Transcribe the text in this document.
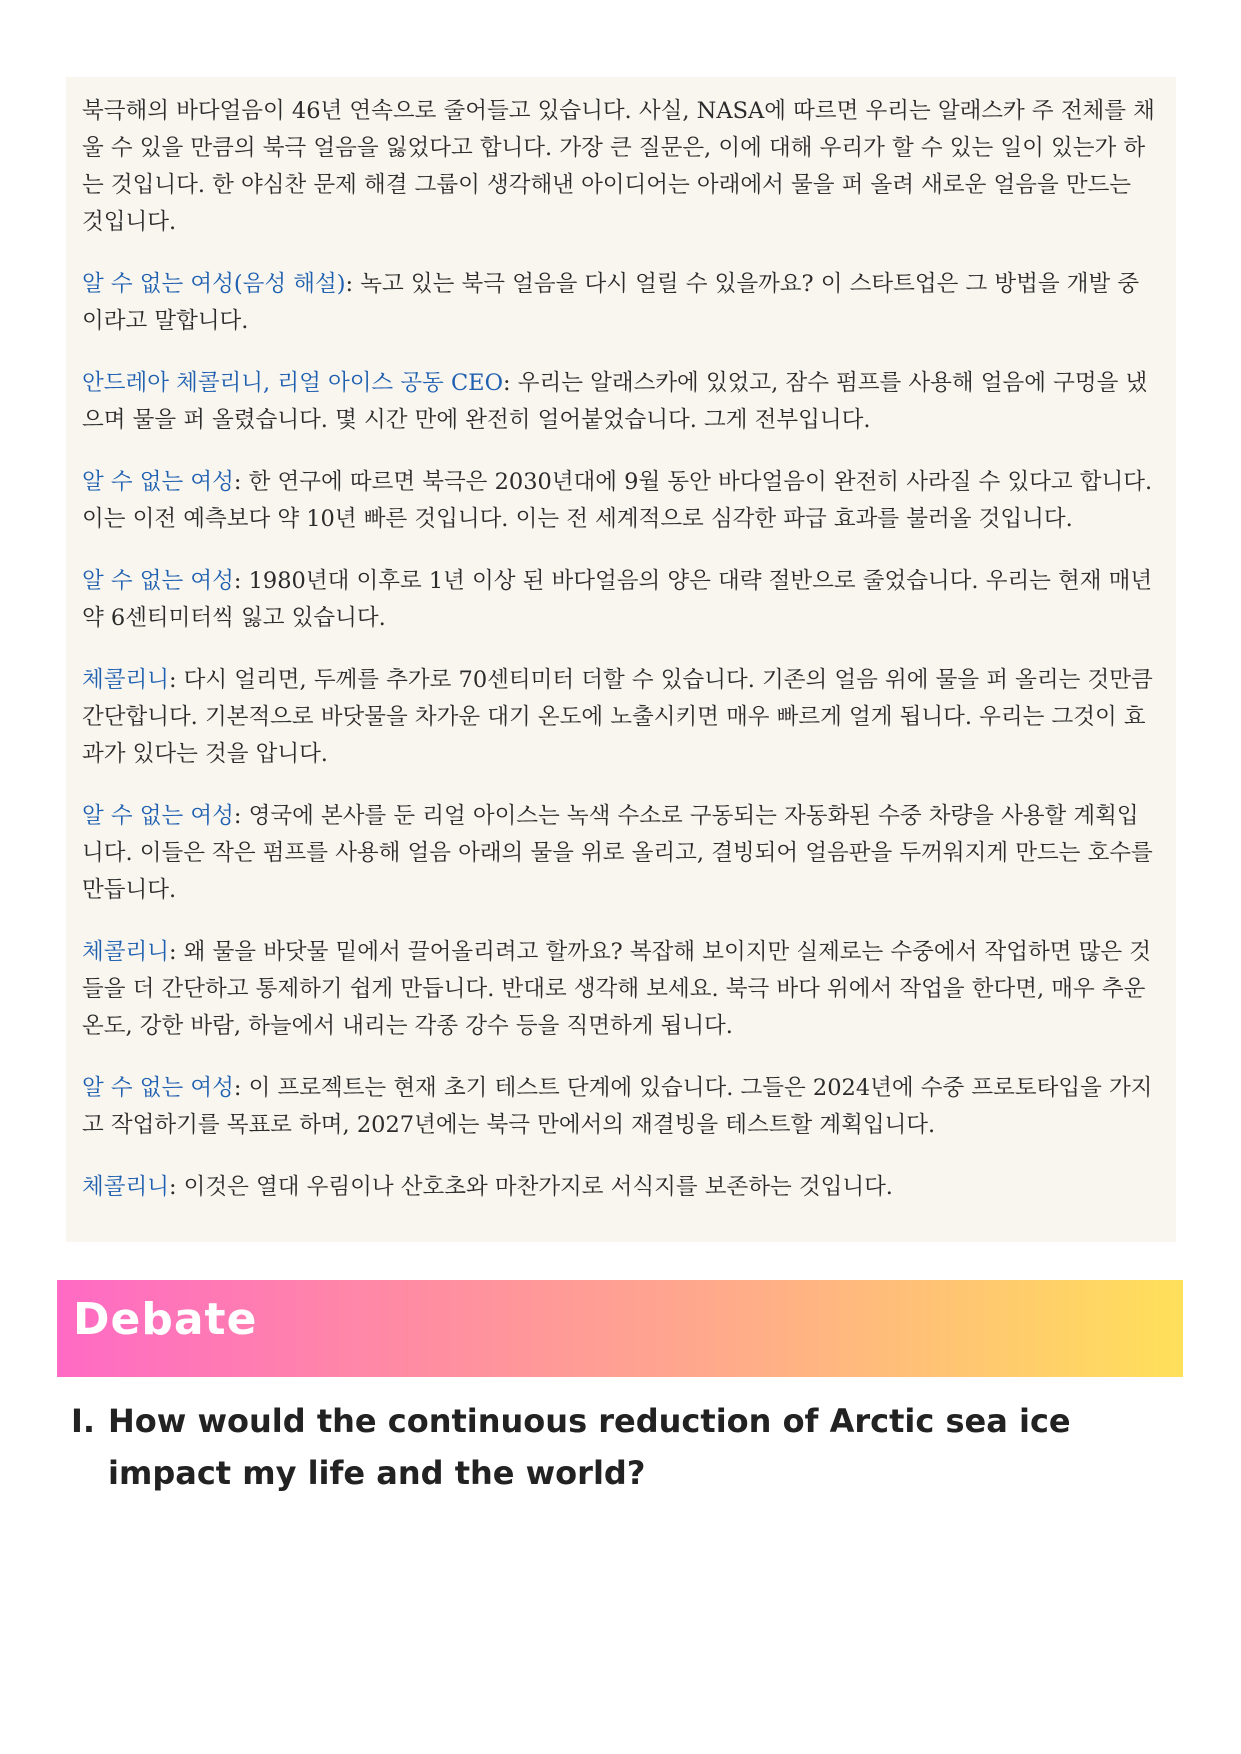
북극해의 바다얼음이 46년 연속으로 줄어들고 있습니다. 사실, NASA에 따르면 우리는 알래스카 주 전체를 채울 수 있을 만큼의 북극 얼음을 잃었다고 합니다. 가장 큰 질문은, 이에 대해 우리가 할 수 있는 일이 있는가 하는 것입니다. 한 야심찬 문제 해결 그룹이 생각해낸 아이디어는 아래에서 물을 퍼 올려 새로운 얼음을 만드는 것입니다.

알 수 없는 여성(음성 해설): 녹고 있는 북극 얼음을 다시 얼릴 수 있을까요? 이 스타트업은 그 방법을 개발 중이라고 말합니다.

안드레아 체콜리니, 리얼 아이스 공동 CEO: 우리는 알래스카에 있었고, 잠수 펌프를 사용해 얼음에 구멍을 냈으며 물을 퍼 올렸습니다. 몇 시간 만에 완전히 얼어붙었습니다. 그게 전부입니다.

알 수 없는 여성: 한 연구에 따르면 북극은 2030년대에 9월 동안 바다얼음이 완전히 사라질 수 있다고 합니다. 이는 이전 예측보다 약 10년 빠른 것입니다. 이는 전 세계적으로 심각한 파급 효과를 불러올 것입니다.

알 수 없는 여성: 1980년대 이후로 1년 이상 된 바다얼음의 양은 대략 절반으로 줄었습니다. 우리는 현재 매년 약 6센티미터씩 잃고 있습니다.

체콜리니: 다시 얼리면, 두께를 추가로 70센티미터 더할 수 있습니다. 기존의 얼음 위에 물을 퍼 올리는 것만큼 간단합니다. 기본적으로 바닷물을 차가운 대기 온도에 노출시키면 매우 빠르게 얼게 됩니다. 우리는 그것이 효과가 있다는 것을 압니다.

알 수 없는 여성: 영국에 본사를 둔 리얼 아이스는 녹색 수소로 구동되는 자동화된 수중 차량을 사용할 계획입니다. 이들은 작은 펌프를 사용해 얼음 아래의 물을 위로 올리고, 결빙되어 얼음판을 두꺼워지게 만드는 호수를 만듭니다.

체콜리니: 왜 물을 바닷물 밑에서 끌어올리려고 할까요? 복잡해 보이지만 실제로는 수중에서 작업하면 많은 것들을 더 간단하고 통제하기 쉽게 만듭니다. 반대로 생각해 보세요. 북극 바다 위에서 작업을 한다면, 매우 추운 온도, 강한 바람, 하늘에서 내리는 각종 강수 등을 직면하게 됩니다.

알 수 없는 여성: 이 프로젝트는 현재 초기 테스트 단계에 있습니다. 그들은 2024년에 수중 프로토타입을 가지고 작업하기를 목표로 하며, 2027년에는 북극 만에서의 재결빙을 테스트할 계획입니다.

체콜리니: 이것은 열대 우림이나 산호초와 마찬가지로 서식지를 보존하는 것입니다.

Debate
I. How would the continuous reduction of Arctic sea ice impact my life and the world?
